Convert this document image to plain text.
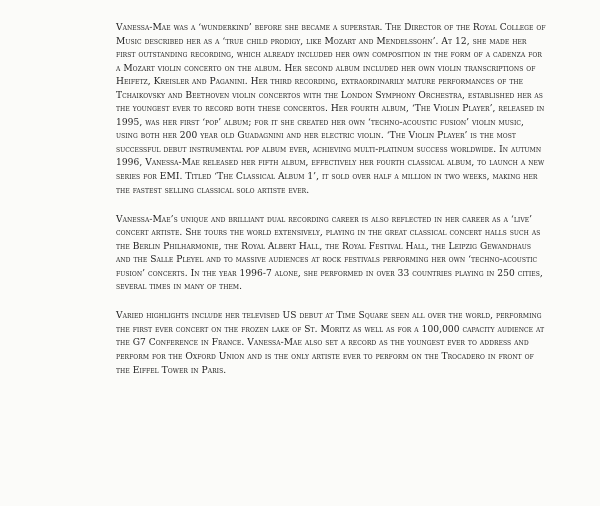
Vanessa-Mae was a ‘wunderkind’ before she became a superstar. The Director of the Royal College of Music described her as a ‘true child prodigy, like Mozart and Mendelssohn’. At 12, she made her first outstanding recording, which already included her own composition in the form of a cadenza for a Mozart violin concerto on the album. Her second album included her own violin transcriptions of Heifetz, Kreisler and Paganini. Her third recording, extraordinarily mature performances of the Tchaikovsky and Beethoven violin concertos with the London Symphony Orchestra, established her as the youngest ever to record both these concertos. Her fourth album, ‘The Violin Player’, released in 1995, was her first ‘pop’ album; for it she created her own ‘techno-acoustic fusion’ violin music, using both her 200 year old Guadagnini and her electric violin. ‘The Violin Player’ is the most successful debut instrumental pop album ever, achieving multi-platinum success worldwide. In autumn 1996, Vanessa-Mae released her fifth album, effectively her fourth classical album, to launch a new series for EMI. Titled ‘The Classical Album 1’, it sold over half a million in two weeks, making her the fastest selling classical solo artiste ever.

Vanessa-Mae’s unique and brilliant dual recording career is also reflected in her career as a ‘live’ concert artiste. She tours the world extensively, playing in the great classical concert halls such as the Berlin Philharmonie, the Royal Albert Hall, the Royal Festival Hall, the Leipzig Gewandhaus and the Salle Pleyel and to massive audiences at rock festivals performing her own ‘techno-acoustic fusion’ concerts. In the year 1996-7 alone, she performed in over 33 countries playing in 250 cities, several times in many of them.

Varied highlights include her televised US debut at Time Square seen all over the world, performing the first ever concert on the frozen lake of St. Moritz as well as for a 100,000 capacity audience at the G7 Conference in France. Vanessa-Mae also set a record as the youngest ever to address and perform for the Oxford Union and is the only artiste ever to perform on the Trocadero in front of the Eiffel Tower in Paris.
